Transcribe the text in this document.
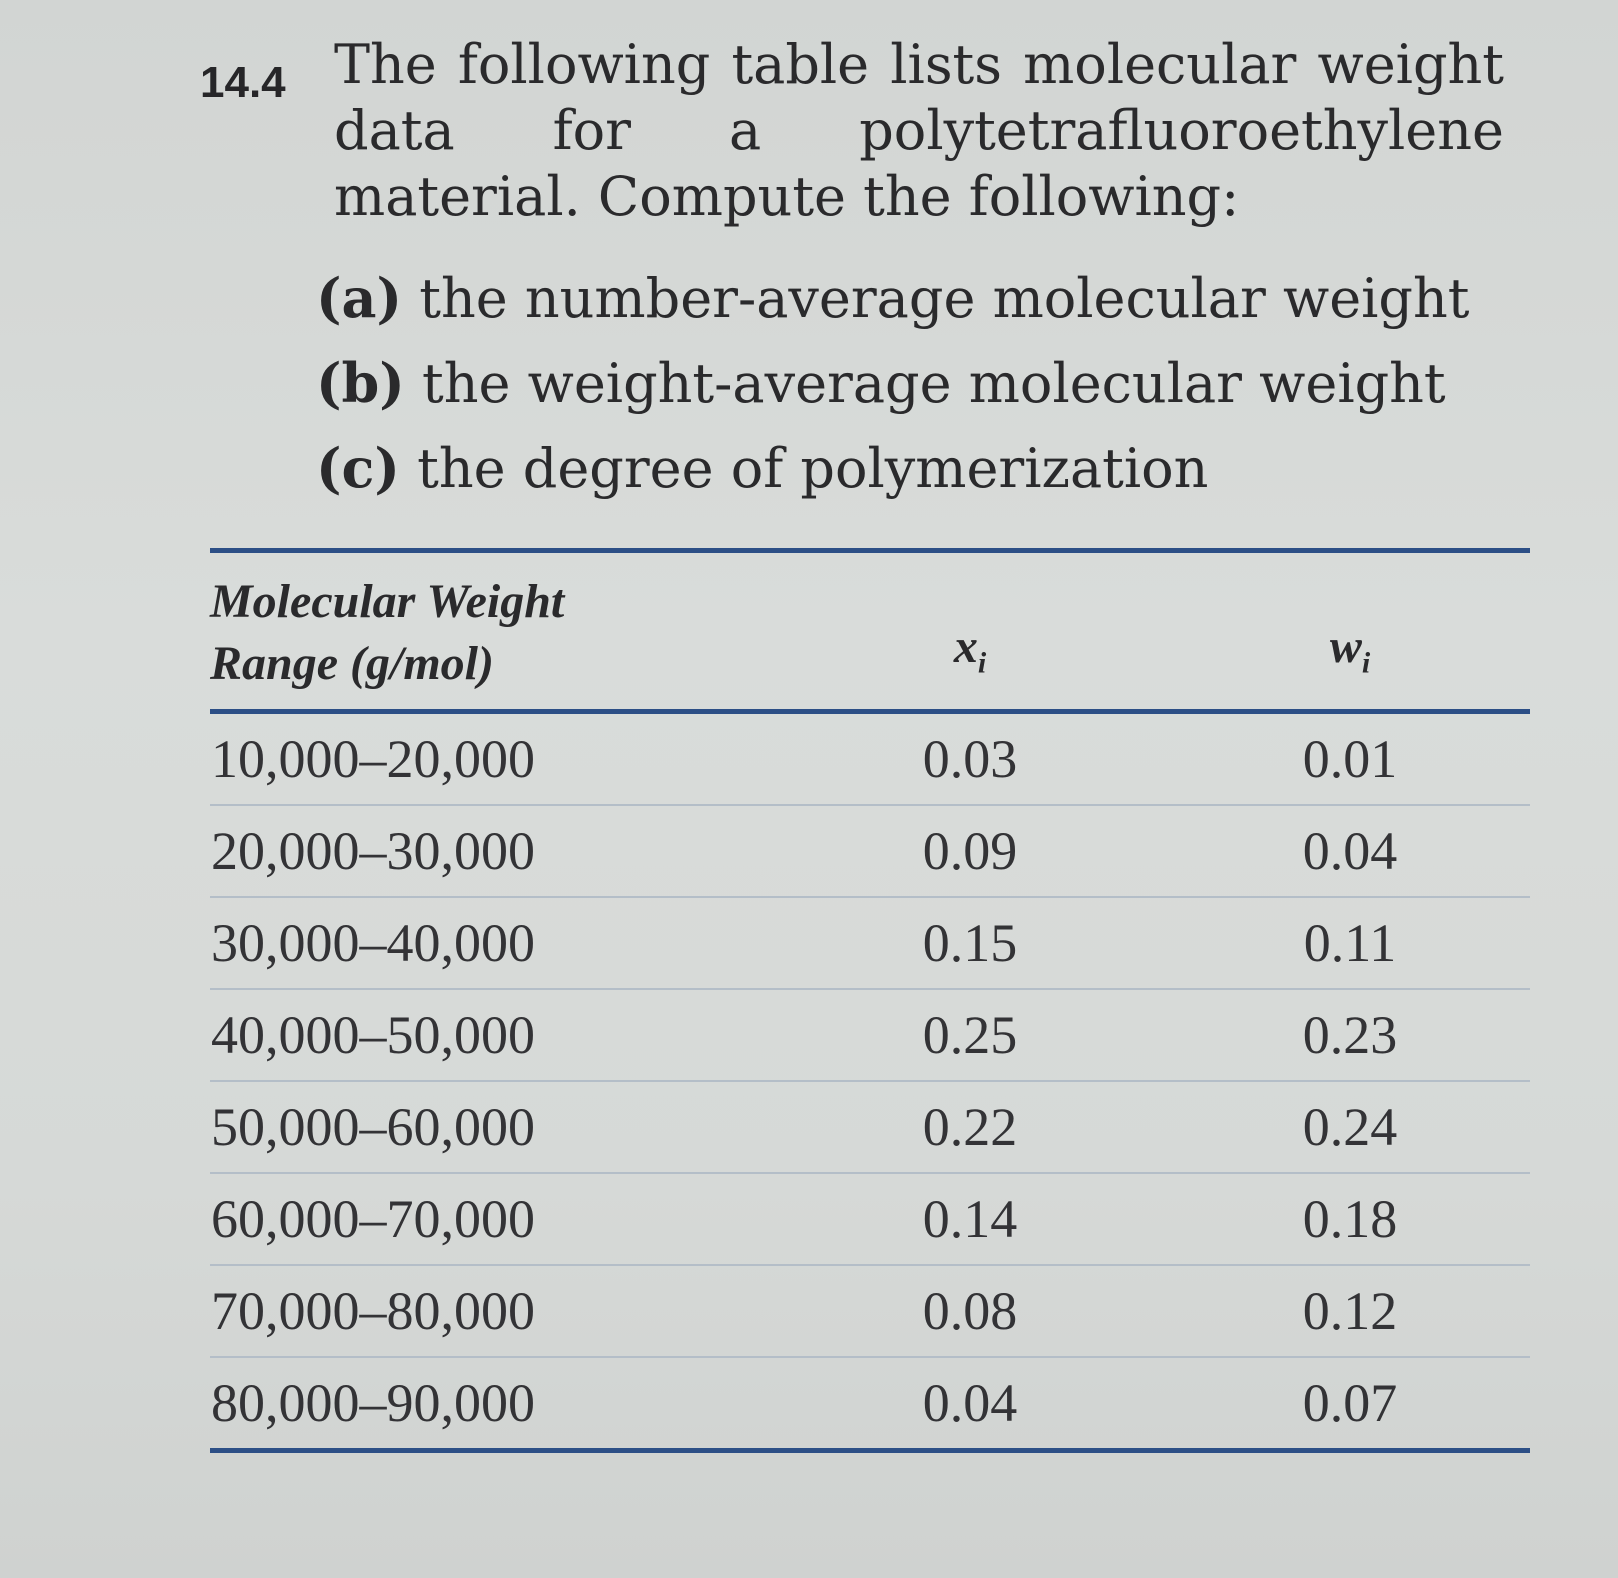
14.4 The following table lists molecular weight data for a polytetrafluoroethylene material. Compute the following:
(a) the number-average molecular weight
(b) the weight-average molecular weight
(c) the degree of polymerization
Molecular Weight
Range (g/mol)	$x_i$	$w_i$
10,000–20,000	0.03	0.01
20,000–30,000	0.09	0.04
30,000–40,000	0.15	0.11
40,000–50,000	0.25	0.23
50,000–60,000	0.22	0.24
60,000–70,000	0.14	0.18
70,000–80,000	0.08	0.12
80,000–90,000	0.04	0.07
